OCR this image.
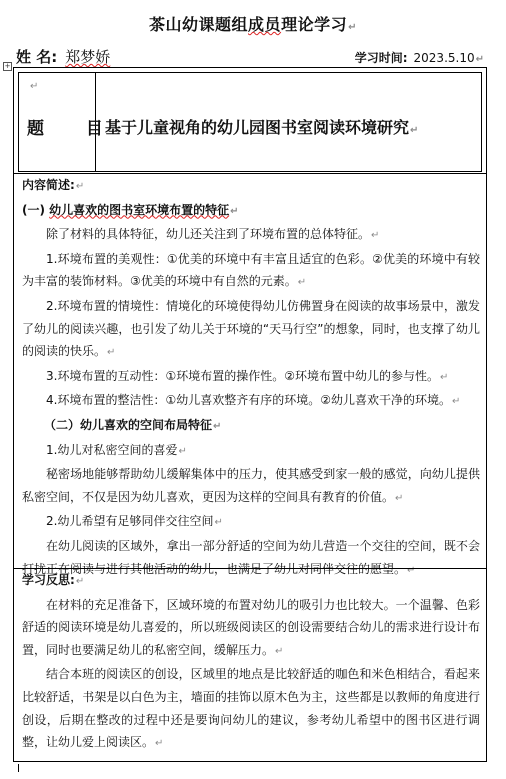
茶山幼课题组成员理论学习↵
姓 名: 郑梦娇	学习时间: 2023.5.10↵
+
↵
题 目
基于儿童视角的幼儿园图书室阅读环境研究↵

内容简述:↵

(一) 幼儿喜欢的图书室环境布置的特征↵

除了材料的具体特征，幼儿还关注到了环境布置的总体特征。↵

1.环境布置的美观性：①优美的环境中有丰富且适宜的色彩。②优美的环境中有较为丰富的装饰材料。③优美的环境中有自然的元素。↵

2.环境布置的情境性：情境化的环境使得幼儿仿佛置身在阅读的故事场景中，激发了幼儿的阅读兴趣，也引发了幼儿关于环境的“天马行空”的想象，同时，也支撑了幼儿的阅读的快乐。↵

3.环境布置的互动性：①环境布置的操作性。②环境布置中幼儿的参与性。↵

4.环境布置的整洁性：①幼儿喜欢整齐有序的环境。②幼儿喜欢干净的环境。↵

（二）幼儿喜欢的空间布局特征↵

1.幼儿对私密空间的喜爱↵

秘密场地能够帮助幼儿缓解集体中的压力，使其感受到家一般的感觉，向幼儿提供私密空间，不仅是因为幼儿喜欢，更因为这样的空间具有教育的价值。↵

2.幼儿希望有足够同伴交往空间↵

在幼儿阅读的区域外，拿出一部分舒适的空间为幼儿营造一个交往的空间，既不会打扰正在阅读与进行其他活动的幼儿，也满足了幼儿对同伴交往的愿望。↵

学习反思:↵

在材料的充足准备下，区域环境的布置对幼儿的吸引力也比较大。一个温馨、色彩舒适的阅读环境是幼儿喜爱的，所以班级阅读区的创设需要结合幼儿的需求进行设计布置，同时也要满足幼儿的私密空间，缓解压力。↵

结合本班的阅读区的创设，区域里的地点是比较舒适的咖色和米色相结合，看起来比较舒适，书架是以白色为主，墙面的挂饰以原木色为主，这些都是以教师的角度进行创设，后期在整改的过程中还是要询问幼儿的建议，参考幼儿希望中的图书区进行调整，让幼儿爱上阅读区。↵
